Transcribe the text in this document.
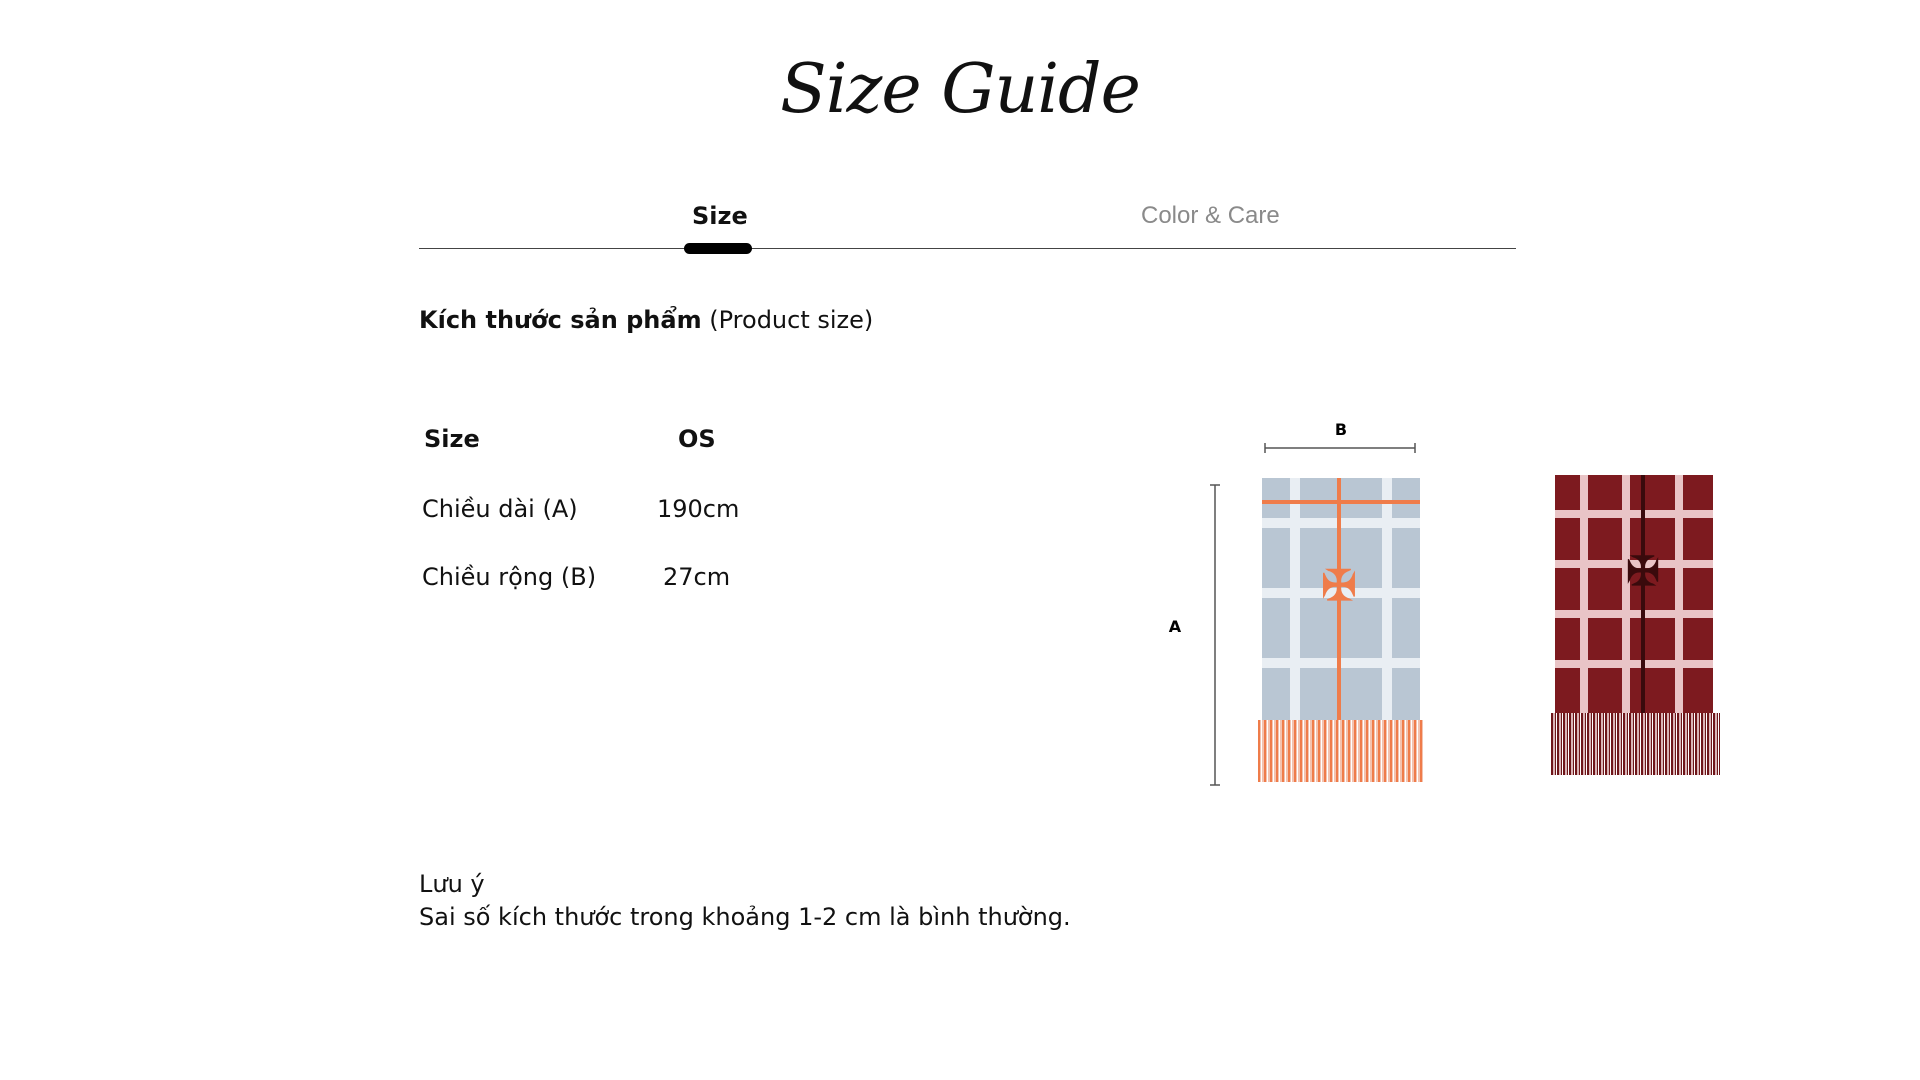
Size Guide
Size	Color & Care
Kích thước sản phẩm (Product size)
Size	OS
Chiều dài (A)	190cm
Chiều rộng (B)	27cm
B
A
✠	✠
Lưu ý
Sai số kích thước trong khoảng 1-2 cm là bình thường.
